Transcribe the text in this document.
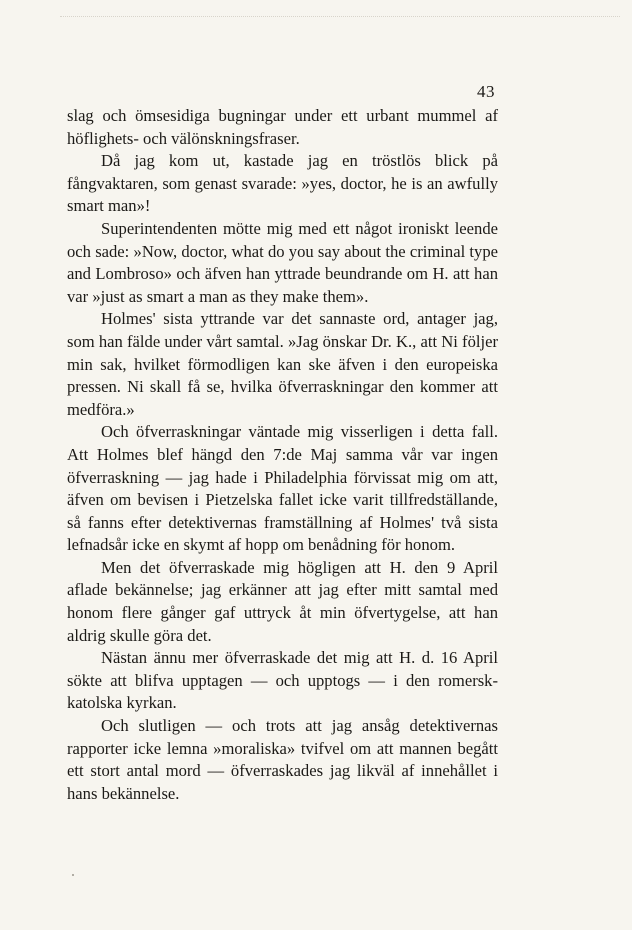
43

slag och ömsesidiga bugningar under ett urbant mummel af höflighets- och välönskningsfraser.

Då jag kom ut, kastade jag en tröstlös blick på fångvaktaren, som genast svarade: »yes, doctor, he is an awfully smart man»!

Superintendenten mötte mig med ett något ironiskt leende och sade: »Now, doctor, what do you say about the criminal type and Lombroso» och äfven han yttrade beundrande om H. att han var »just as smart a man as they make them».

Holmes' sista yttrande var det sannaste ord, antager jag, som han fälde under vårt samtal. »Jag önskar Dr. K., att Ni följer min sak, hvilket förmodligen kan ske äfven i den europeiska pressen. Ni skall få se, hvilka öfverraskningar den kommer att medföra.»

Och öfverraskningar väntade mig visserligen i detta fall. Att Holmes blef hängd den 7:de Maj samma vår var ingen öfverraskning — jag hade i Philadelphia förvissat mig om att, äfven om bevisen i Pietzelska fallet icke varit tillfredställande, så fanns efter detektivernas framställning af Holmes' två sista lefnadsår icke en skymt af hopp om benådning för honom.

Men det öfverraskade mig högligen att H. den 9 April aflade bekännelse; jag erkänner att jag efter mitt samtal med honom flere gånger gaf uttryck åt min öfvertygelse, att han aldrig skulle göra det.

Nästan ännu mer öfverraskade det mig att H. d. 16 April sökte att blifva upptagen — och upptogs — i den romersk-katolska kyrkan.

Och slutligen — och trots att jag ansåg detektivernas rapporter icke lemna »moraliska» tvifvel om att mannen begått ett stort antal mord — öfverraskades jag likväl af innehållet i hans bekännelse.
